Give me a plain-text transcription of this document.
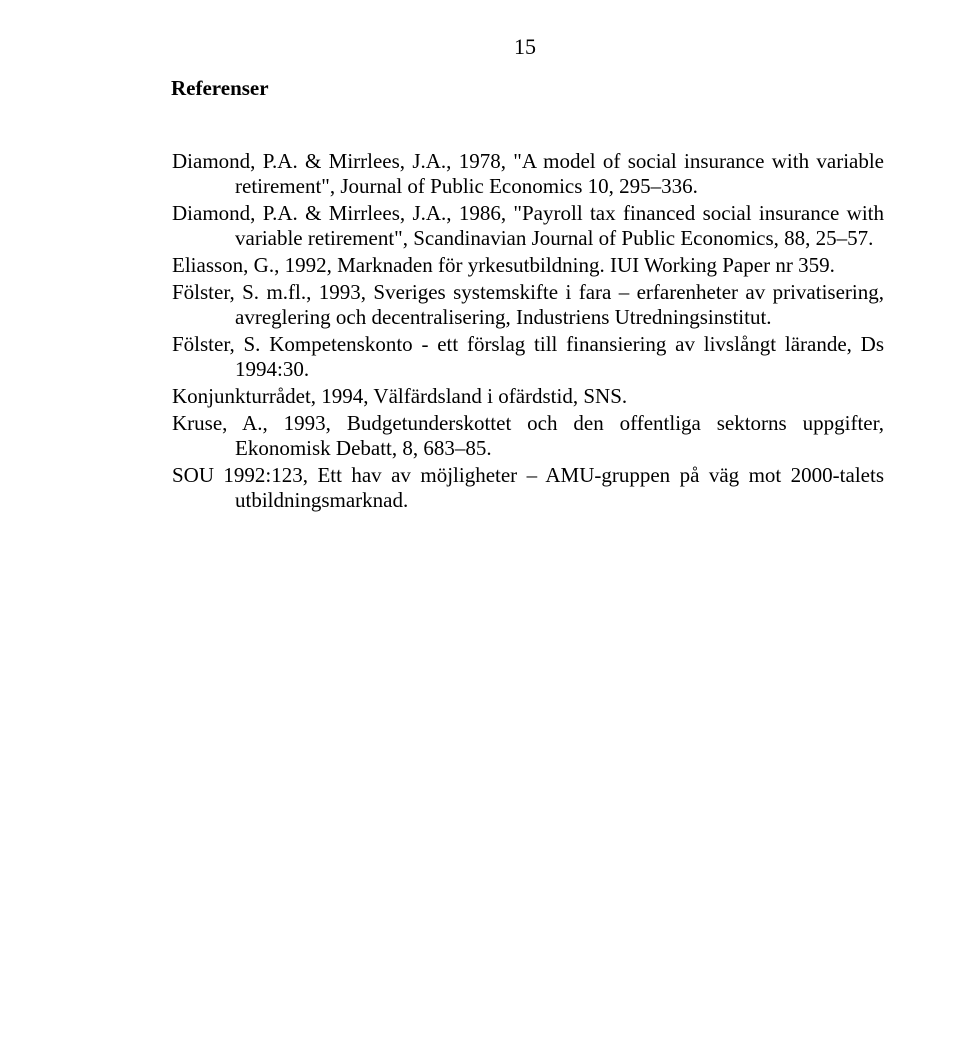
15
Referenser
Diamond, P.A. & Mirrlees, J.A., 1978, "A model of social insurance with variable retirement", Journal of Public Economics 10, 295–336.
Diamond, P.A. & Mirrlees, J.A., 1986, "Payroll tax financed social insurance with variable retirement", Scandinavian Journal of Public Economics, 88, 25–57.
Eliasson, G., 1992, Marknaden för yrkesutbildning. IUI Working Paper nr 359.
Fölster, S. m.fl., 1993, Sveriges systemskifte i fara – erfarenheter av privatisering, avreglering och decentralisering, Industriens Utredningsinstitut.
Fölster, S. Kompetenskonto - ett förslag till finansiering av livslångt lärande, Ds 1994:30.
Konjunkturrådet, 1994, Välfärdsland i ofärdstid, SNS.
Kruse, A., 1993, Budgetunderskottet och den offentliga sektorns uppgifter, Ekonomisk Debatt, 8, 683–85.
SOU 1992:123, Ett hav av möjligheter – AMU-gruppen på väg mot 2000-talets utbildningsmarknad.
